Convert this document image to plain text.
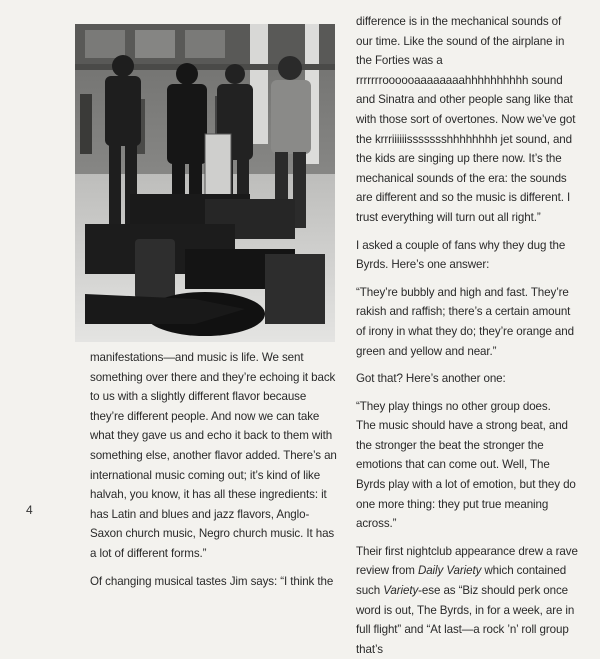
manifestations—and music is life. We sent something over there and they’re echoing it back to us with a slightly different flavor because they’re different people. And now we can take what they gave us and echo it back to them with something else, another flavor added. There’s an international music coming out; it’s kind of like halvah, you know, it has all these ingredients: it has Latin and blues and jazz flavors, Anglo-Saxon church music, Negro church music. It has a lot of different forms.”

Of changing musical tastes Jim says: “I think the

difference is in the mechanical sounds of our time. Like the sound of the airplane in the Forties was a rrrrrrroooooaaaaaaaahhhhhhhhhh sound and Sinatra and other people sang like that with those sort of overtones. Now we’ve got the krrriiiiiissssssshhhhhhhh jet sound, and the kids are singing up there now. It’s the mechanical sounds of the era: the sounds are different and so the music is different. I trust everything will turn out all right.”

I asked a couple of fans why they dug the Byrds. Here’s one answer:

“They’re bubbly and high and fast. They’re rakish and raffish; there’s a certain amount of irony in what they do; they’re orange and green and yellow and near.”

Got that? Here’s another one:

“They play things no other group does.

The music should have a strong beat, and the stronger the beat the stronger the emotions that can come out. Well, The Byrds play with a lot of emotion, but they do one more thing: they put true meaning across.”

Their first nightclub appearance drew a rave review from Daily Variety which contained such Variety-ese as “Biz should perk once word is out, The Byrds, in for a week, are in full flight” and “At last—a rock ’n’ roll group that’s

4
